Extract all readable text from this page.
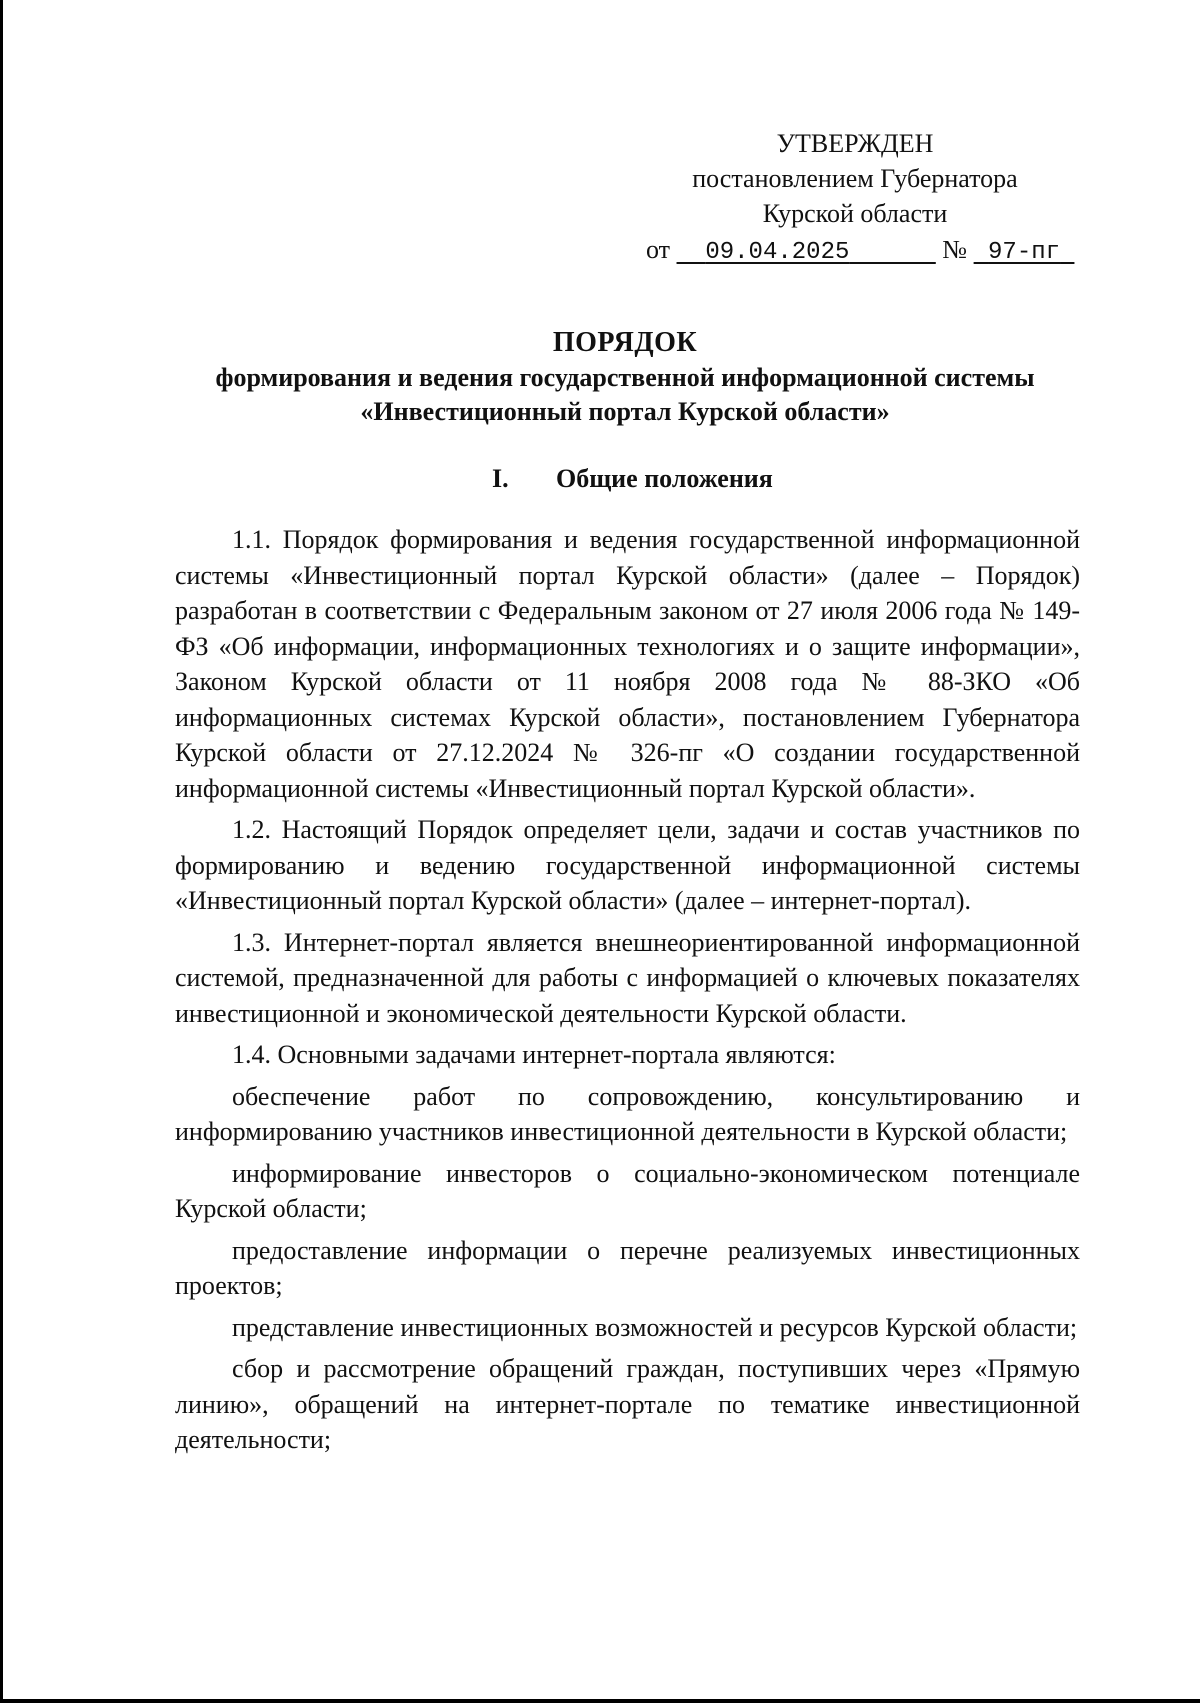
УТВЕРЖДЕН
постановлением Губернатора
Курской области
от 09.04.2025	№ 97-пг
ПОРЯДОК
формирования и ведения государственной информационной системы
«Инвестиционный портал Курской области»
I. Общие положения

1.1. Порядок формирования и ведения государственной информационной системы «Инвестиционный портал Курской области» (далее – Порядок) разработан в соответствии с Федеральным законом от 27 июля 2006 года № 149-ФЗ «Об информации, информационных технологиях и о защите информации», Законом Курской области от 11 ноября 2008 года № 88-ЗКО «Об информационных системах Курской области», постановлением Губернатора Курской области от 27.12.2024 № 326-пг «О создании государственной информационной системы «Инвестиционный портал Курской области».

1.2. Настоящий Порядок определяет цели, задачи и состав участников по формированию и ведению государственной информационной системы «Инвестиционный портал Курской области» (далее – интернет-портал).

1.3. Интернет-портал является внешнеориентированной информационной системой, предназначенной для работы с информацией о ключевых показателях инвестиционной и экономической деятельности Курской области.

1.4. Основными задачами интернет-портала являются:

обеспечение работ по сопровождению, консультированию и информированию участников инвестиционной деятельности в Курской области;

информирование инвесторов о социально-экономическом потенциале Курской области;

предоставление информации о перечне реализуемых инвестиционных проектов;

представление инвестиционных возможностей и ресурсов Курской области;

сбор и рассмотрение обращений граждан, поступивших через «Прямую линию», обращений на интернет-портале по тематике инвестиционной деятельности;
